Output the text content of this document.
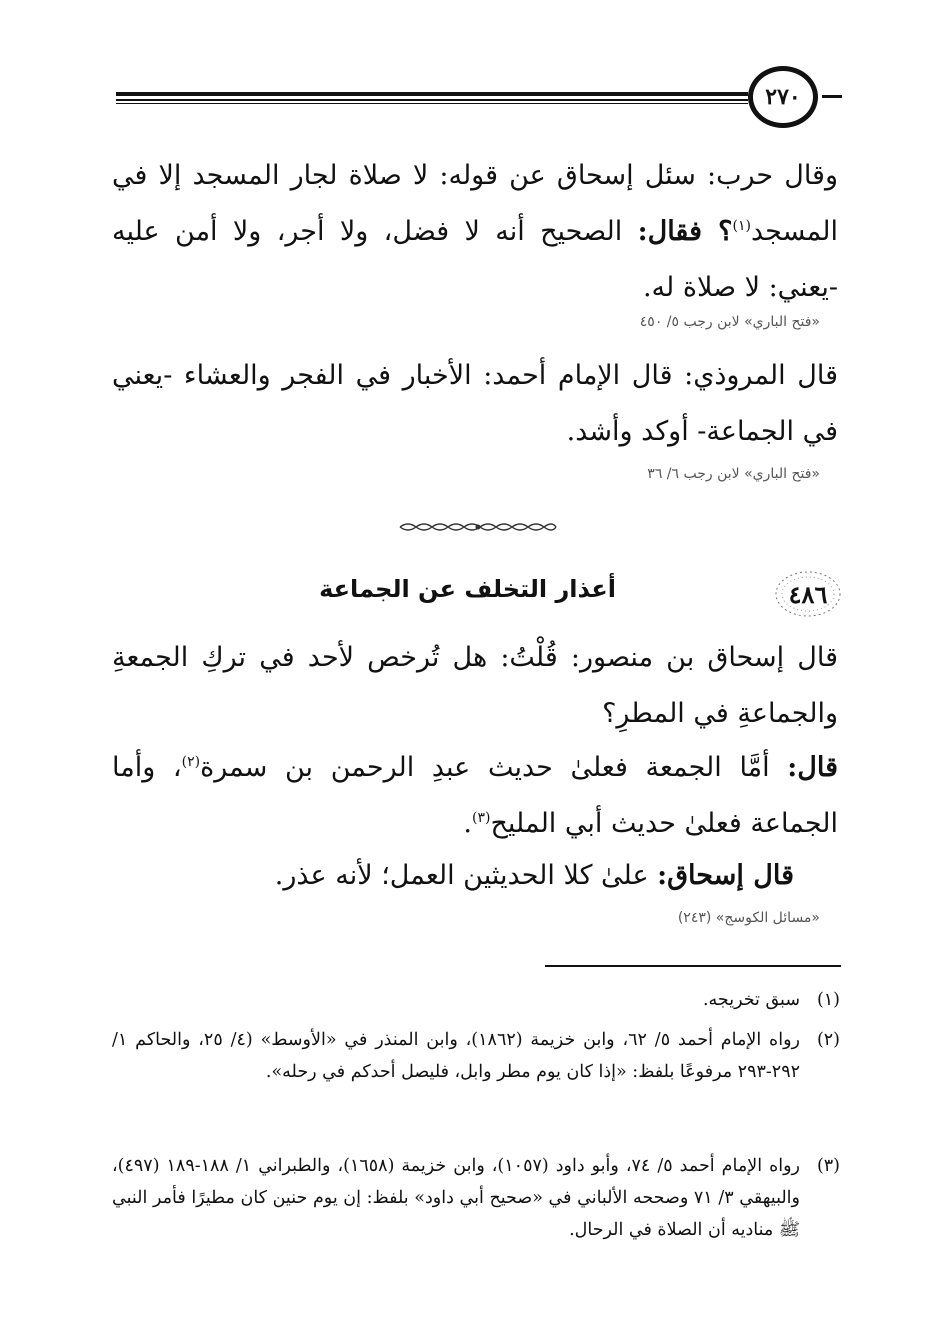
٢٧٠
وقال حرب: سئل إسحاق عن قوله: لا صلاة لجار المسجد إلا في المسجد$^{(١)}$؟ فقال: الصحيح أنه لا فضل، ولا أجر، ولا أمن عليه -يعني: لا صلاة له.
«فتح الباري» لابن رجب ٥/ ٤٥٠
قال المروذي: قال الإمام أحمد: الأخبار في الفجر والعشاء -يعني في الجماعة- أوكد وأشد.
«فتح الباري» لابن رجب ٦/ ٣٦
٤٨٦
أعذار التخلف عن الجماعة
قال إسحاق بن منصور: قُلْتُ: هل تُرخص لأحد في تركِ الجمعةِ والجماعةِ في المطرِ؟
قال: أمَّا الجمعة فعلىٰ حديث عبدِ الرحمن بن سمرة$^{(٢)}$، وأما الجماعة فعلىٰ حديث أبي المليح$^{(٣)}$.
قال إسحاق: علىٰ كلا الحديثين العمل؛ لأنه عذر.
«مسائل الكوسج» (٢٤٣)
(١)
سبق تخريجه.
(٢)
رواه الإمام أحمد ٥/ ٦٢، وابن خزيمة (١٨٦٢)، وابن المنذر في «الأوسط» (٤/ ٢٥، والحاكم ١/ ٢٩٢-٢٩٣ مرفوعًا بلفظ: «إذا كان يوم مطر وابل، فليصل أحدكم في رحله».
(٣)
رواه الإمام أحمد ٥/ ٧٤، وأبو داود (١٠٥٧)، وابن خزيمة (١٦٥٨)، والطبراني ١/ ١٨٨-١٨٩ (٤٩٧)، والبيهقي ٣/ ٧١ وصححه الألباني في «صحيح أبي داود» بلفظ: إن يوم حنين كان مطيرًا فأمر النبي ﷺ مناديه أن الصلاة في الرحال.
